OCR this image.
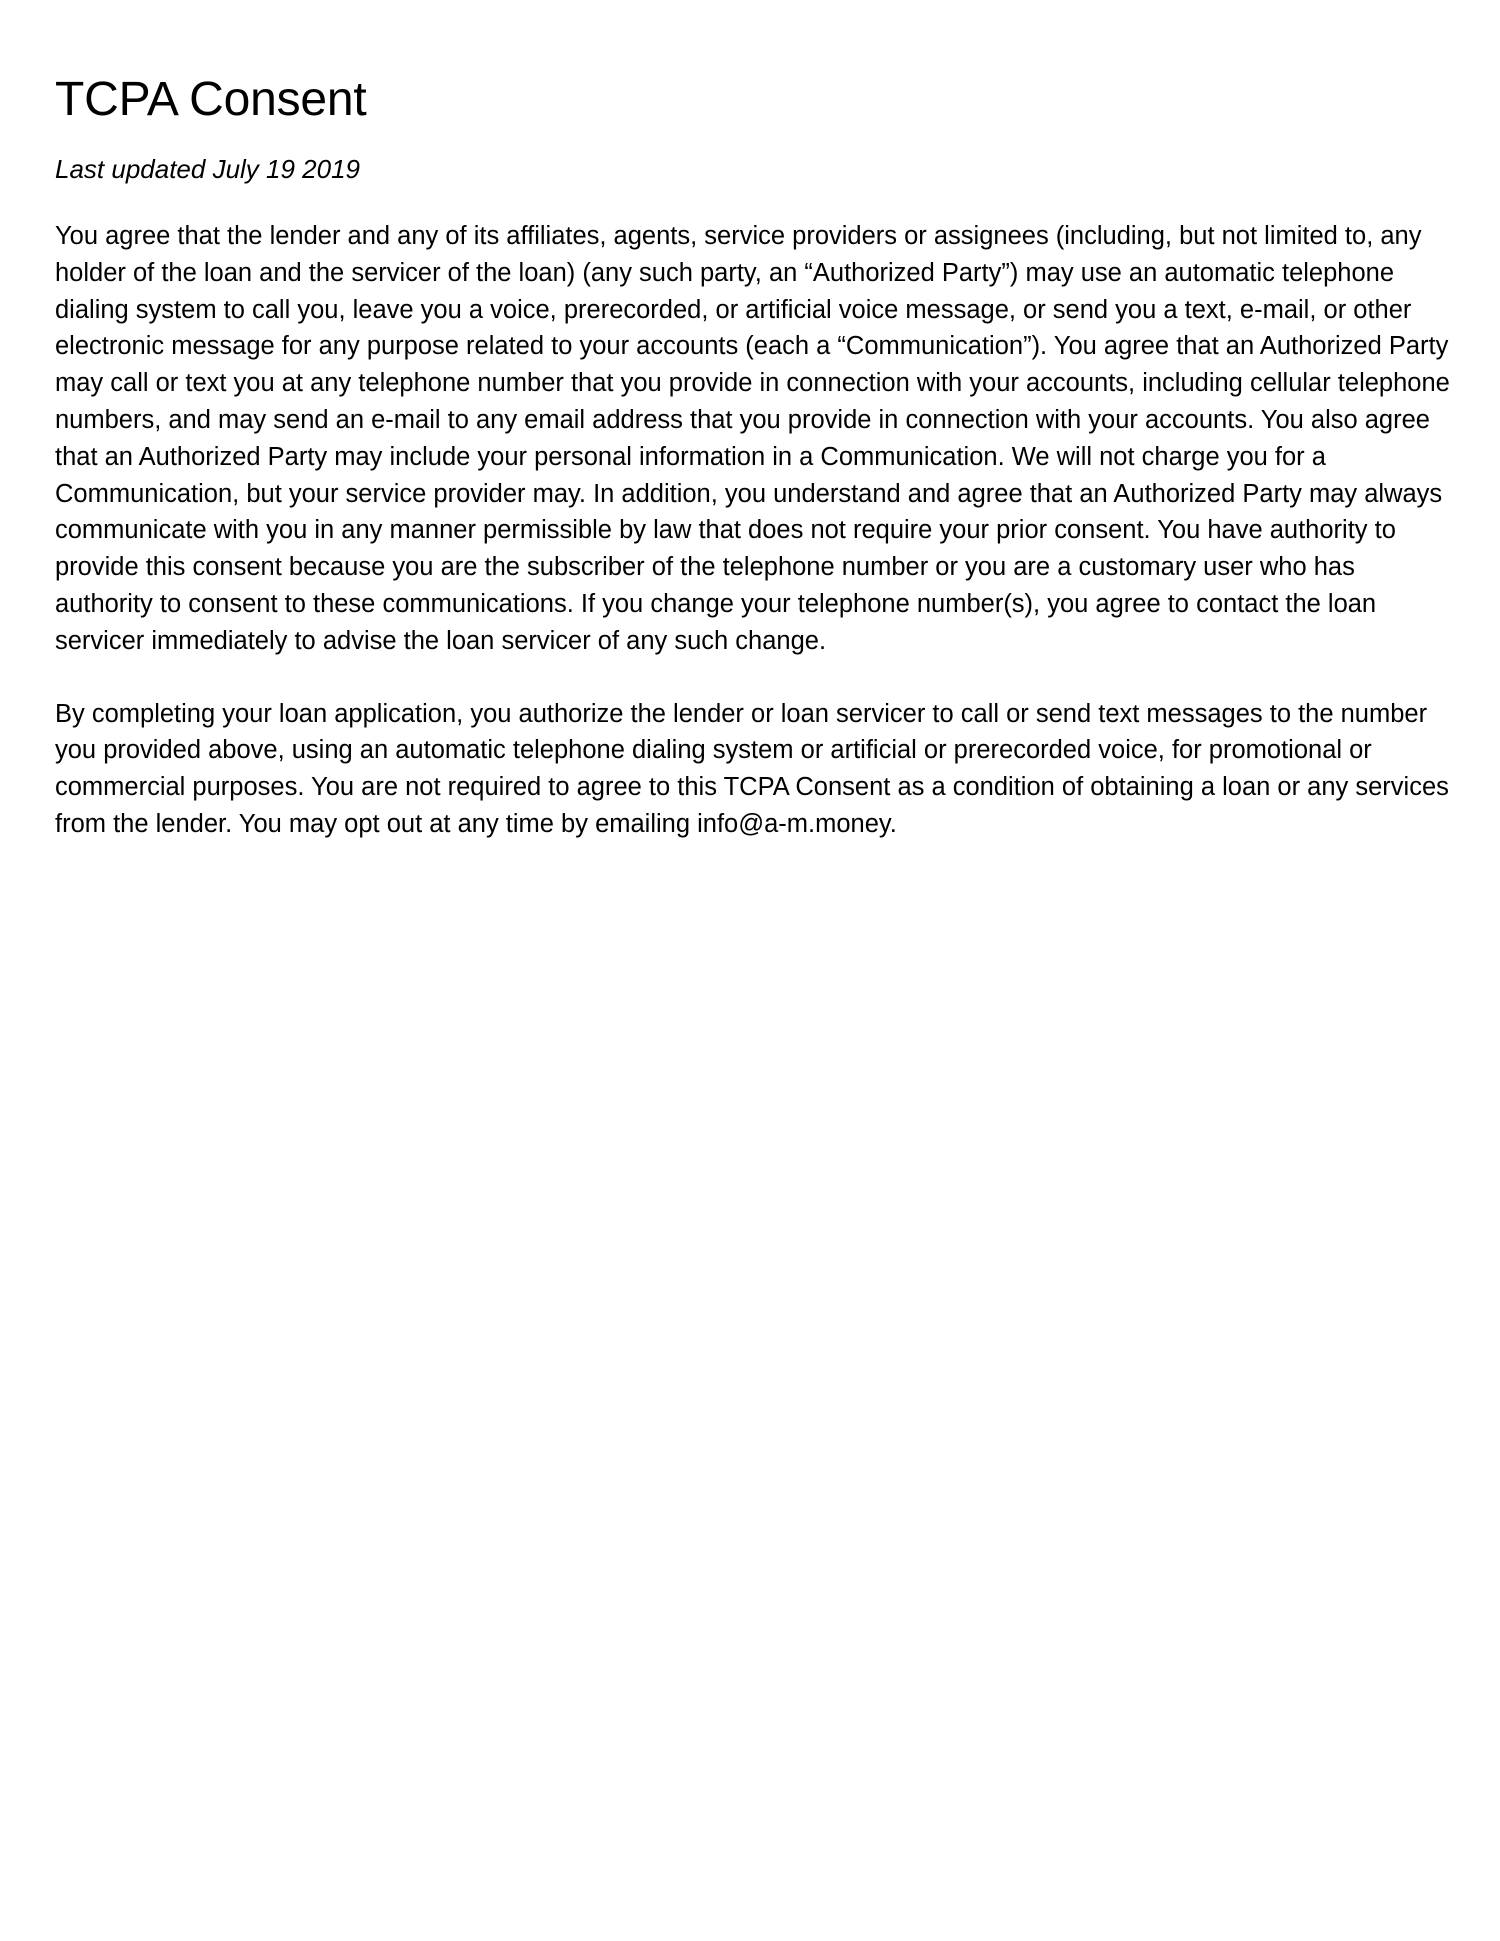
TCPA Consent

Last updated July 19 2019

You agree that the lender and any of its affiliates, agents, service providers or assignees (including, but not limited to, any holder of the loan and the servicer of the loan) (any such party, an “Authorized Party”) may use an automatic telephone dialing system to call you, leave you a voice, prerecorded, or artificial voice message, or send you a text, e-mail, or other electronic message for any purpose related to your accounts (each a “Communication”). You agree that an Authorized Party may call or text you at any telephone number that you provide in connection with your accounts, including cellular telephone numbers, and may send an e-mail to any email address that you provide in connection with your accounts. You also agree that an Authorized Party may include your personal information in a Communication. We will not charge you for a Communication, but your service provider may. In addition, you understand and agree that an Authorized Party may always communicate with you in any manner permissible by law that does not require your prior consent. You have authority to provide this consent because you are the subscriber of the telephone number or you are a customary user who has authority to consent to these communications. If you change your telephone number(s), you agree to contact the loan servicer immediately to advise the loan servicer of any such change.

By completing your loan application, you authorize the lender or loan servicer to call or send text messages to the number you provided above, using an automatic telephone dialing system or artificial or prerecorded voice, for promotional or commercial purposes. You are not required to agree to this TCPA Consent as a condition of obtaining a loan or any services from the lender. You may opt out at any time by emailing info@a-m.money.
